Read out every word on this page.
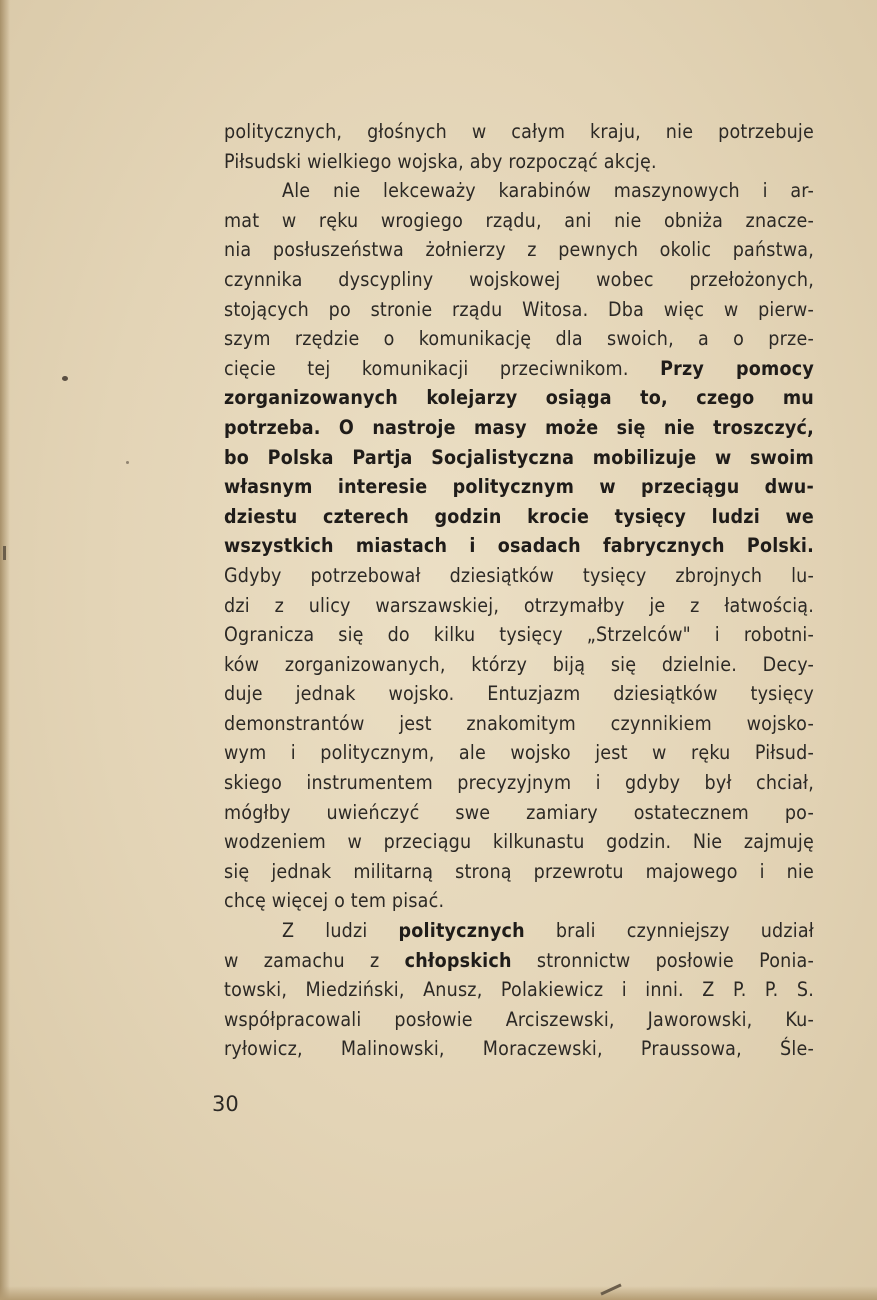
politycznych, głośnych w całym kraju, nie potrzebuje
Piłsudski wielkiego wojska, aby rozpocząć akcję.
Ale nie lekceważy karabinów maszynowych i ar-
mat w ręku wrogiego rządu, ani nie obniża znacze-
nia posłuszeństwa żołnierzy z pewnych okolic państwa,
czynnika dyscypliny wojskowej wobec przełożonych,
stojących po stronie rządu Witosa. Dba więc w pierw-
szym rzędzie o komunikację dla swoich, a o prze-
cięcie tej komunikacji przeciwnikom. Przy pomocy
zorganizowanych kolejarzy osiąga to, czego mu
potrzeba. O nastroje masy może się nie troszczyć,
bo Polska Partja Socjalistyczna mobilizuje w swoim
własnym interesie politycznym w przeciągu dwu-
dziestu czterech godzin krocie tysięcy ludzi we
wszystkich miastach i osadach fabrycznych Polski.
Gdyby potrzebował dziesiątków tysięcy zbrojnych lu-
dzi z ulicy warszawskiej, otrzymałby je z łatwością.
Ogranicza się do kilku tysięcy „Strzelców" i robotni-
ków zorganizowanych, którzy biją się dzielnie. Decy-
duje jednak wojsko. Entuzjazm dziesiątków tysięcy
demonstrantów jest znakomitym czynnikiem wojsko-
wym i politycznym, ale wojsko jest w ręku Piłsud-
skiego instrumentem precyzyjnym i gdyby był chciał,
mógłby uwieńczyć swe zamiary ostatecznem po-
wodzeniem w przeciągu kilkunastu godzin. Nie zajmuję
się jednak militarną stroną przewrotu majowego i nie
chcę więcej o tem pisać.
Z ludzi politycznych brali czynniejszy udział
w zamachu z chłopskich stronnictw posłowie Ponia-
towski, Miedziński, Anusz, Polakiewicz i inni. Z P. P. S.
współpracowali posłowie Arciszewski, Jaworowski, Ku-
ryłowicz, Malinowski, Moraczewski, Praussowa, Śle-
30
